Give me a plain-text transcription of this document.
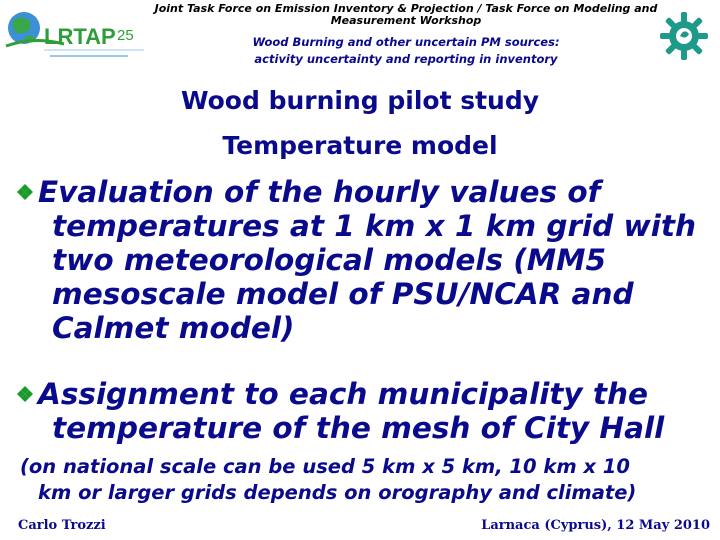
LRTAP 25
Joint Task Force on Emission Inventory & Projection / Task Force on Modeling and
Measurement Workshop
Wood Burning and other uncertain PM sources:
activity uncertainty and reporting in inventory
Wood burning pilot study
Temperature model
Evaluation of the hourly values of
temperatures at 1 km x 1 km grid with
two meteorological models (MM5
mesoscale model of PSU/NCAR and
Calmet model)
Assignment to each municipality the
temperature of the mesh of City Hall
(on national scale can be used 5 km x 5 km, 10 km x 10
km or larger grids depends on orography and climate)
Carlo Trozzi	Larnaca (Cyprus), 12 May 2010
